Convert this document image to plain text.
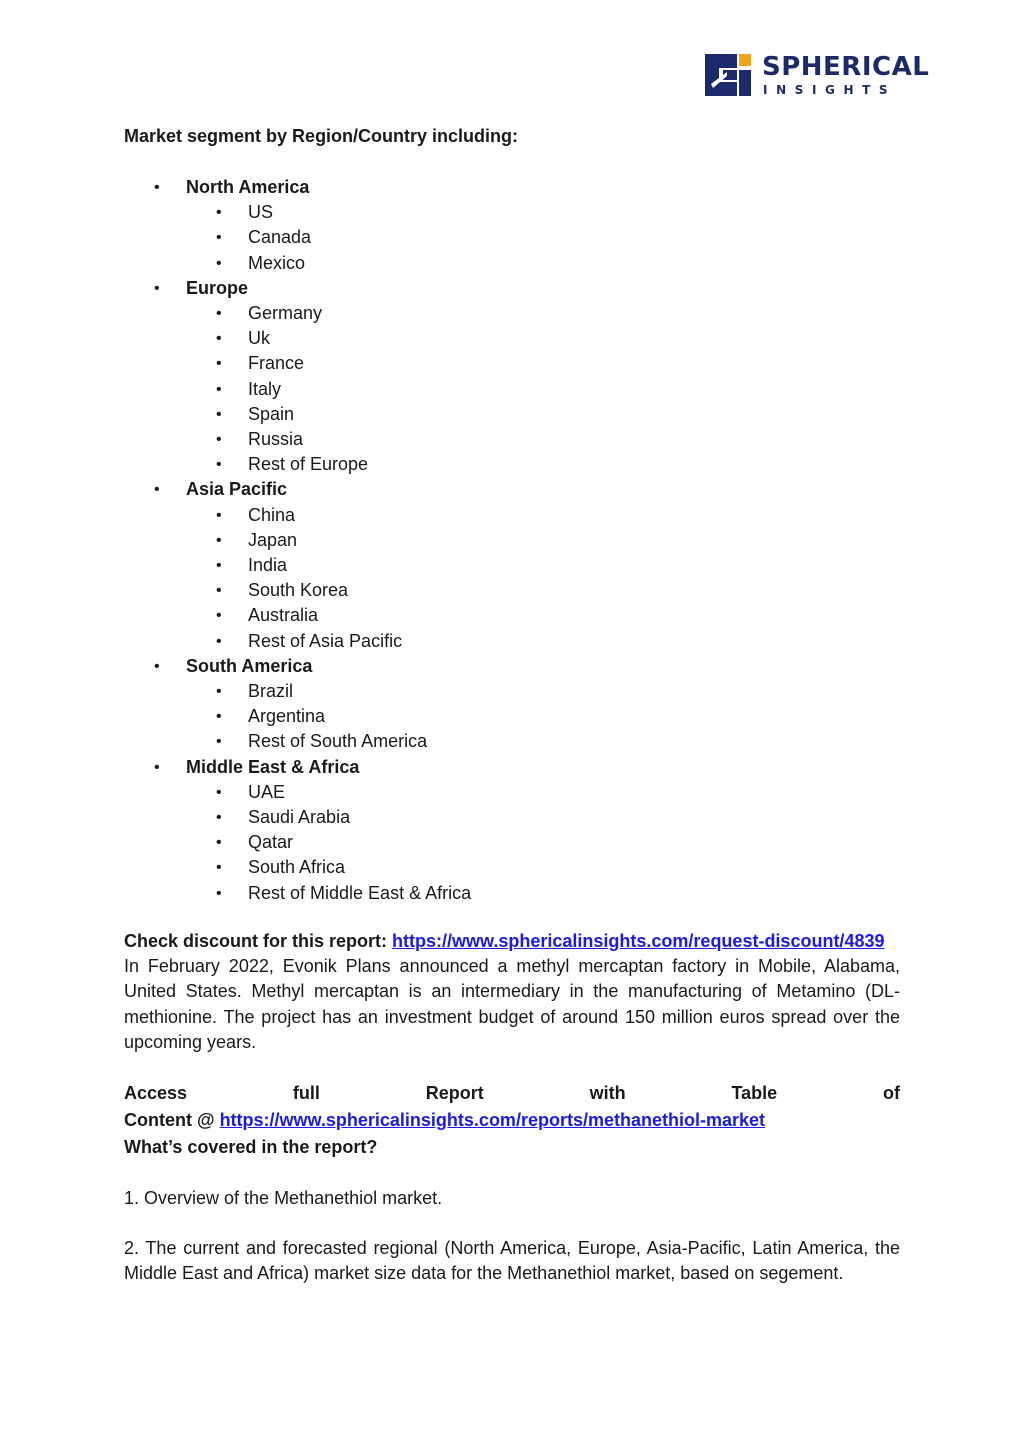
SPHERICAL
INSIGHTS
Market segment by Region/Country including:
• North America
• US
• Canada
• Mexico
• Europe
• Germany
• Uk
• France
• Italy
• Spain
• Russia
• Rest of Europe
• Asia Pacific
• China
• Japan
• India
• South Korea
• Australia
• Rest of Asia Pacific
• South America
• Brazil
• Argentina
• Rest of South America
• Middle East & Africa
• UAE
• Saudi Arabia
• Qatar
• South Africa
• Rest of Middle East & Africa
Check discount for this report: https://www.sphericalinsights.com/request-discount/4839
In February 2022, Evonik Plans announced a methyl mercaptan factory in Mobile, Alabama, United States. Methyl mercaptan is an intermediary in the manufacturing of Metamino (DL-methionine. The project has an investment budget of around 150 million euros spread over the upcoming years.
Access	full	Report	with	Table	of
Content @ https://www.sphericalinsights.com/reports/methanethiol-market
What’s covered in the report?
1. Overview of the Methanethiol market.
2. The current and forecasted regional (North America, Europe, Asia-Pacific, Latin America, the Middle East and Africa) market size data for the Methanethiol market, based on segement.
